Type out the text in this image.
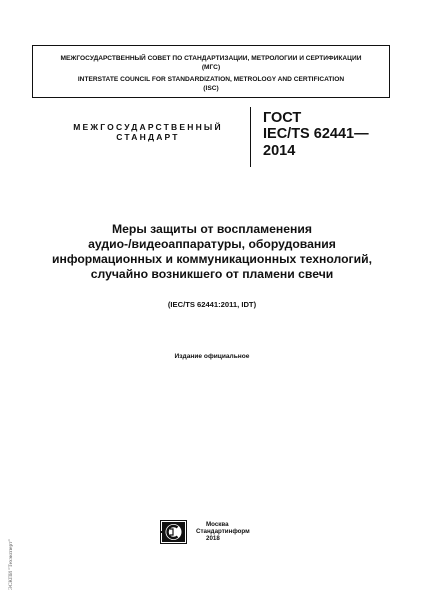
МЕЖГОСУДАРСТВЕННЫЙ СОВЕТ ПО СТАНДАРТИЗАЦИИ, МЕТРОЛОГИИ И СЕРТИФИКАЦИИ
(МГС)
INTERSTATE COUNCIL FOR STANDARDIZATION, METROLOGY AND CERTIFICATION
(ISC)
МЕЖГОСУДАРСТВЕННЫЙ
СТАНДАРТ
ГОСТ
IEC/TS 62441—
2014
Меры защиты от воспламенения
аудио-/видеоаппаратуры, оборудования
информационных и коммуникационных технологий,
случайно возникшего от пламени свечи
(IEC/TS 62441:2011, IDT)
Издание официальное
Москва
Стандартинформ
2018
ЭСКПИ "Техэксперт"
